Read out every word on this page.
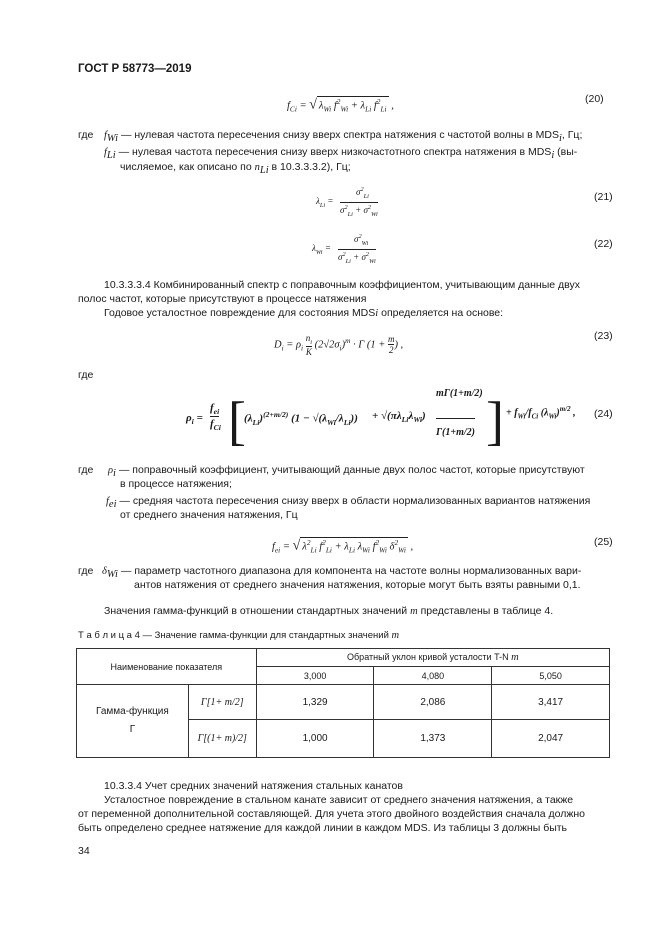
ГОСТ Р 58773—2019
$f_{Ci}$ = √ $\lambda_{Wi}$ $f^2_{Wi} + \lambda_{Li}$ $f^2_{Li}$ ,
(20)
где $f_{Wi}$ — нулевая частота пересечения снизу вверх спектра натяжения с частотой волны в $MDS_i$, Гц;
$f_{Li}$ — нулевая частота пересечения снизу вверх низкочастотного спектра натяжения в $MDS_i$ (вы-
числяемое, как описано по $n_{Li}$ в 10.3.3.3.2), Гц;
$\lambda_{Li}$ =
$\sigma^2_{Li}$
$\sigma^2_{Li} + \sigma^2_{Wi}$
(21)
$\lambda_{Wi}$ =
$\sigma^2_{Wi}$
$\sigma^2_{Li} + \sigma^2_{Wi}$
(22)
10.3.3.3.4 Комбинированный спектр с поправочным коэффициентом, учитывающим данные двух
полос частот, которые присутствуют в процессе натяжения
Годовое усталостное повреждение для состояния MDSi определяется на основе:
$D_i = \rho_i \frac{n_i}{K} (2√2\sigma_i)^m \cdot Г$ ($1 + \frac{m}{2}$ ) ,
(23)
где
$\rho_i$ =
$f_{ei}$
$f_{Ci}$ [
$(\lambda_{Li})^{(2+m/2)}$ $(1 - √(\lambda_{Wi}/\lambda_{Li})) + √(\pi\lambda_{Li}\lambda_{Wi})$
mГ(1+m/2)
Г(1+m/2) ] + $f_{Wi}/f_{Ci}$ $(\lambda_{Wi})^{m/2}$ , (24)
где $\rho_i$ — поправочный коэффициент, учитывающий данные двух полос частот, которые присутствуют
в процессе натяжения;
$f_{ei}$ — средняя частота пересечения снизу вверх в области нормализованных вариантов натяжения
от среднего значения натяжения, Гц
$f_{ei}$ = √ $\lambda^2_{Li}$ $f^2_{Li} + \lambda_{Li}$ $\lambda_{Wi}$ $f^2_{Wi}$ $\delta^2_{Wi}$ ,	(25)
где $\delta_{Wi}$ — параметр частотного диапазона для компонента на частоте волны нормализованных вари-
антов натяжения от среднего значения натяжения, которые могут быть взяты равными 0,1.
Значения гамма-функций в отношении стандартных значений m представлены в таблице 4.
Т а б л и ц а 4 — Значение гамма-функции для стандартных значений m
Наименование показателя		Обратный уклон кривой усталости T-N m		
		3,000	4,080	5,050
Гамма-функция
Г	Г[1+ m/2]	1,329	2,086	3,417
	Г[(1+ m)/2]	1,000	1,373	2,047
10.3.3.4 Учет средних значений натяжения стальных канатов
Усталостное повреждение в стальном канате зависит от среднего значения натяжения, а также
от переменной дополнительной составляющей. Для учета этого двойного воздействия сначала должно
быть определено среднее натяжение для каждой линии в каждом MDS. Из таблицы 3 должны быть
34
